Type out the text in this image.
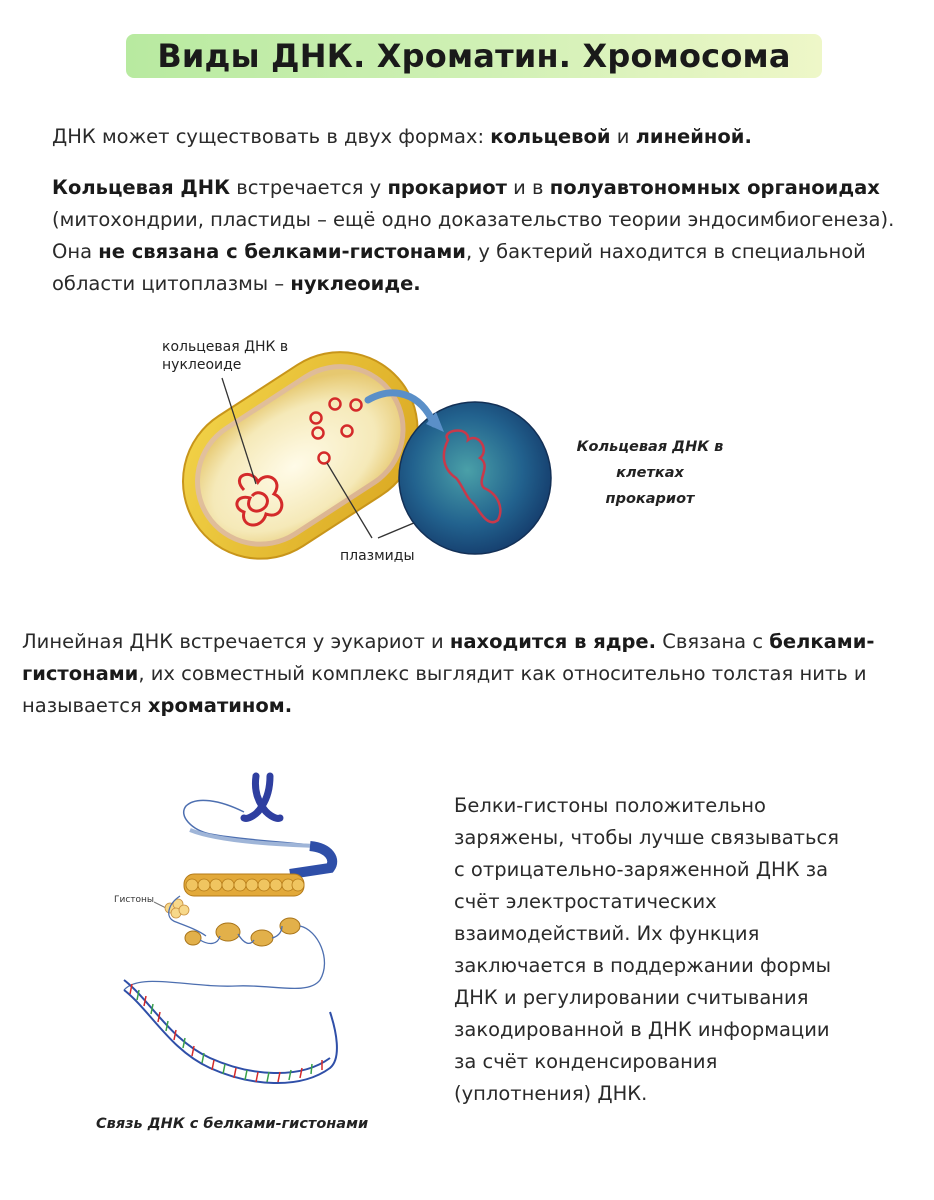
Виды ДНК. Хроматин. Хромосома

ДНК может существовать в двух формах: кольцевой и линейной.

Кольцевая ДНК встречается у прокариот и в полуавтономных органоидах (митохондрии, пластиды – ещё одно доказательство теории эндосимбиогенеза). Она не связана с белками-гистонами, у бактерий находится в специальной области цитоплазмы – нуклеоиде.

кольцевая ДНК в нуклеоиде
плазмиды
Кольцевая ДНК в клетках прокариот

Линейная ДНК встречается у эукариот и находится в ядре. Связана с белками-гистонами, их совместный комплекс выглядит как относительно толстая нить и называется хроматином.

Гистоны
Связь ДНК с белками-гистонами

Белки-гистоны положительно заряжены, чтобы лучше связываться с отрицательно-заряженной ДНК за счёт электростатических взаимодействий. Их функция заключается в поддержании формы ДНК и регулировании считывания закодированной в ДНК информации за счёт конденсирования (уплотнения) ДНК.
